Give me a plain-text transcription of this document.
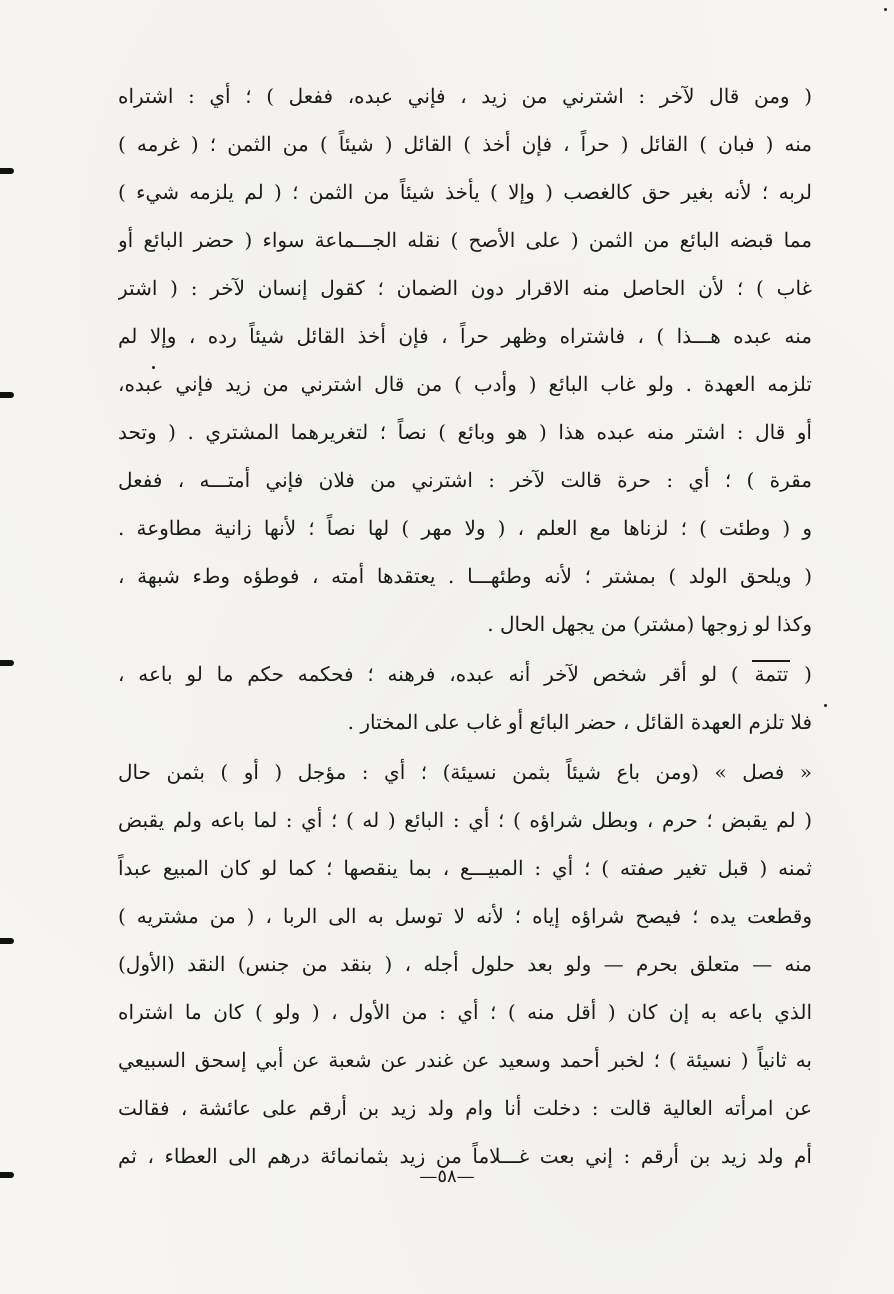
( ومن قال لآخر : اشترني من زيد ، فإني عبده، ففعل ) ؛ أي : اشتراه
منه ( فبان ) القائل ( حراً ، فإن أخذ ) القائل ( شيئاً ) من الثمن ؛ ( غرمه )
لربه ؛ لأنه بغير حق كالغصب ( وإلا ) يأخذ شيئاً من الثمن ؛ ( لم يلزمه شيء )
مما قبضه البائع من الثمن ( على الأصح ) نقله الجـــماعة سواء ( حضر البائع أو
غاب ) ؛ لأن الحاصل منه الاقرار دون الضمان ؛ كقول إنسان لآخر : ( اشتر
منه عبده هـــذا ) ، فاشتراه وظهر حراً ، فإن أخذ القائل شيئاً رده ، وإلا لم
تلزمه العهدة . ولو غاب البائع ( وأدب ) من قال اشترني من زيد فإني عبده،
أو قال : اشتر منه عبده هذا ( هو وبائع ) نصاً ؛ لتغريرهما المشتري . ( وتحد
مقرة ) ؛ أي : حرة قالت لآخر : اشترني من فلان فإني أمتـــه ، ففعل
و ( وطئت ) ؛ لزناها مع العلم ، ( ولا مهر ) لها نصاً ؛ لأنها زانية مطاوعة .
( ويلحق الولد ) بمشتر ؛ لأنه وطئهـــا . يعتقدها أمته ، فوطؤه وطء شبهة ،
وكذا لو زوجها (مشتر) من يجهل الحال .
( تتمة ) لو أقر شخص لآخر أنه عبده، فرهنه ؛ فحكمه حكم ما لو باعه ،
فلا تلزم العهدة القائل ، حضر البائع أو غاب على المختار .
« فصل » (ومن باع شيئاً بثمن نسيئة) ؛ أي : مؤجل ( أو ) بثمن حال
( لم يقبض ؛ حرم ، وبطل شراؤه ) ؛ أي : البائع ( له ) ؛ أي : لما باعه ولم يقبض
ثمنه ( قبل تغير صفته ) ؛ أي : المبيـــع ، بما ينقصها ؛ كما لو كان المبيع عبداً
وقطعت يده ؛ فيصح شراؤه إياه ؛ لأنه لا توسل به الى الربا ، ( من مشتريه )
منه — متعلق بحرم — ولو بعد حلول أجله ، ( بنقد من جنس) النقد (الأول)
الذي باعه به إن كان ( أقل منه ) ؛ أي : من الأول ، ( ولو ) كان ما اشتراه
به ثانياً ( نسيئة ) ؛ لخبر أحمد وسعيد عن غندر عن شعبة عن أبي إسحق السبيعي
عن امرأته العالية قالت : دخلت أنا وام ولد زيد بن أرقم على عائشة ، فقالت
أم ولد زيد بن أرقم : إني بعت غـــلاماً من زيد بثمانمائة درهم الى العطاء ، ثم
—٥٨—
